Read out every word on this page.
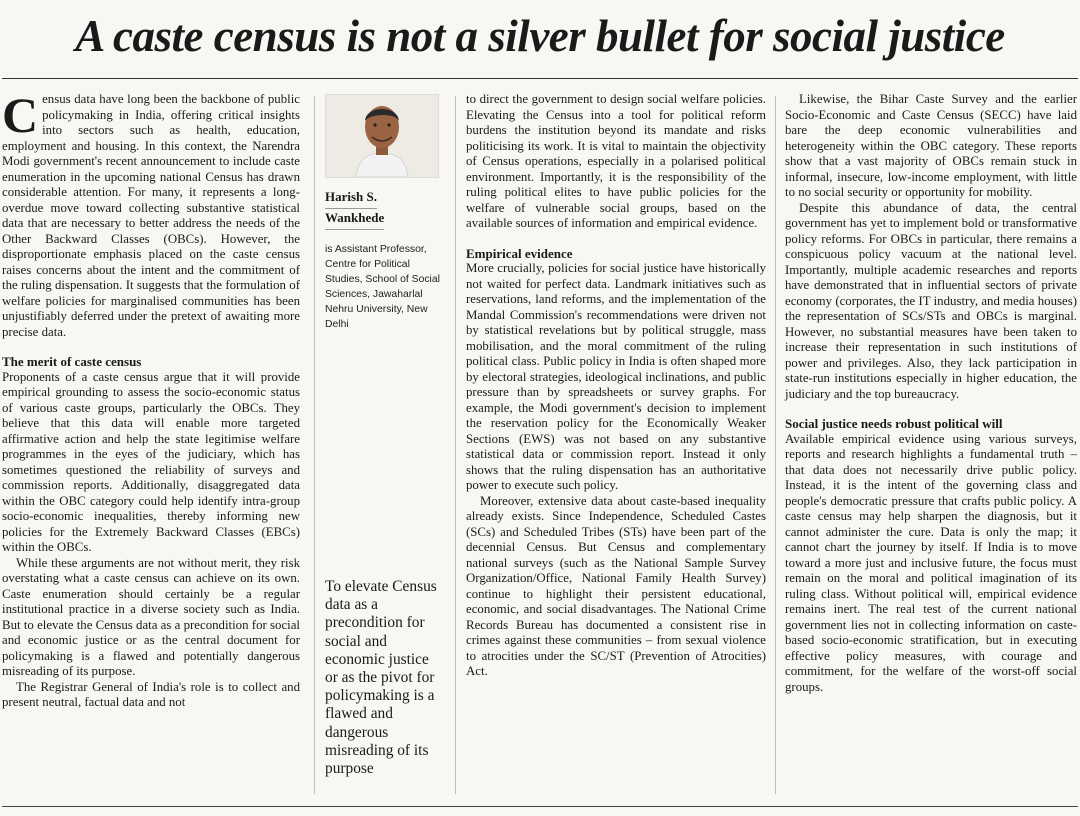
A caste census is not a silver bullet for social justice

Census data have long been the backbone of public policymaking in India, offering critical insights into sectors such as health, education, employment and housing. In this context, the Narendra Modi government's recent announcement to include caste enumeration in the upcoming national Census has drawn considerable attention. For many, it represents a long-overdue move toward collecting substantive statistical data that are necessary to better address the needs of the Other Backward Classes (OBCs). However, the disproportionate emphasis placed on the caste census raises concerns about the intent and the commitment of the ruling dispensation. It suggests that the formulation of welfare policies for marginalised communities has been unjustifiably deferred under the pretext of awaiting more precise data.

The merit of caste census

Proponents of a caste census argue that it will provide empirical grounding to assess the socio-economic status of various caste groups, particularly the OBCs. They believe that this data will enable more targeted affirmative action and help the state legitimise welfare programmes in the eyes of the judiciary, which has sometimes questioned the reliability of surveys and commission reports. Additionally, disaggregated data within the OBC category could help identify intra-group socio-economic inequalities, thereby informing new policies for the Extremely Backward Classes (EBCs) within the OBCs.

While these arguments are not without merit, they risk overstating what a caste census can achieve on its own. Caste enumeration should certainly be a regular institutional practice in a diverse society such as India. But to elevate the Census data as a precondition for social and economic justice or as the central document for policymaking is a flawed and potentially dangerous misreading of its purpose.

The Registrar General of India's role is to collect and present neutral, factual data and not

Harish S.
Wankhede
is Assistant Professor, Centre for Political Studies, School of Social Sciences, Jawaharlal Nehru University, New Delhi
To elevate Census data as a precondition for social and economic justice or as the pivot for policymaking is a flawed and dangerous misreading of its purpose

to direct the government to design social welfare policies. Elevating the Census into a tool for political reform burdens the institution beyond its mandate and risks politicising its work. It is vital to maintain the objectivity of Census operations, especially in a polarised political environment. Importantly, it is the responsibility of the ruling political elites to have public policies for the welfare of vulnerable social groups, based on the available sources of information and empirical evidence.

Empirical evidence

More crucially, policies for social justice have historically not waited for perfect data. Landmark initiatives such as reservations, land reforms, and the implementation of the Mandal Commission's recommendations were driven not by statistical revelations but by political struggle, mass mobilisation, and the moral commitment of the ruling political class. Public policy in India is often shaped more by electoral strategies, ideological inclinations, and public pressure than by spreadsheets or survey graphs. For example, the Modi government's decision to implement the reservation policy for the Economically Weaker Sections (EWS) was not based on any substantive statistical data or commission report. Instead it only shows that the ruling dispensation has an authoritative power to execute such policy.

Moreover, extensive data about caste-based inequality already exists. Since Independence, Scheduled Castes (SCs) and Scheduled Tribes (STs) have been part of the decennial Census. But Census and complementary national surveys (such as the National Sample Survey Organization/Office, National Family Health Survey) continue to highlight their persistent educational, economic, and social disadvantages. The National Crime Records Bureau has documented a consistent rise in crimes against these communities – from sexual violence to atrocities under the SC/ST (Prevention of Atrocities) Act.

Likewise, the Bihar Caste Survey and the earlier Socio-Economic and Caste Census (SECC) have laid bare the deep economic vulnerabilities and heterogeneity within the OBC category. These reports show that a vast majority of OBCs remain stuck in informal, insecure, low-income employment, with little to no social security or opportunity for mobility.

Despite this abundance of data, the central government has yet to implement bold or transformative policy reforms. For OBCs in particular, there remains a conspicuous policy vacuum at the national level. Importantly, multiple academic researches and reports have demonstrated that in influential sectors of private economy (corporates, the IT industry, and media houses) the representation of SCs/STs and OBCs is marginal. However, no substantial measures have been taken to increase their representation in such institutions of power and privileges. Also, they lack participation in state-run institutions especially in higher education, the judiciary and the top bureaucracy.

Social justice needs robust political will

Available empirical evidence using various surveys, reports and research highlights a fundamental truth – that data does not necessarily drive public policy. Instead, it is the intent of the governing class and people's democratic pressure that crafts public policy. A caste census may help sharpen the diagnosis, but it cannot administer the cure. Data is only the map; it cannot chart the journey by itself. If India is to move toward a more just and inclusive future, the focus must remain on the moral and political imagination of its ruling class. Without political will, empirical evidence remains inert. The real test of the current national government lies not in collecting information on caste-based socio-economic stratification, but in executing effective policy measures, with courage and commitment, for the welfare of the worst-off social groups.
